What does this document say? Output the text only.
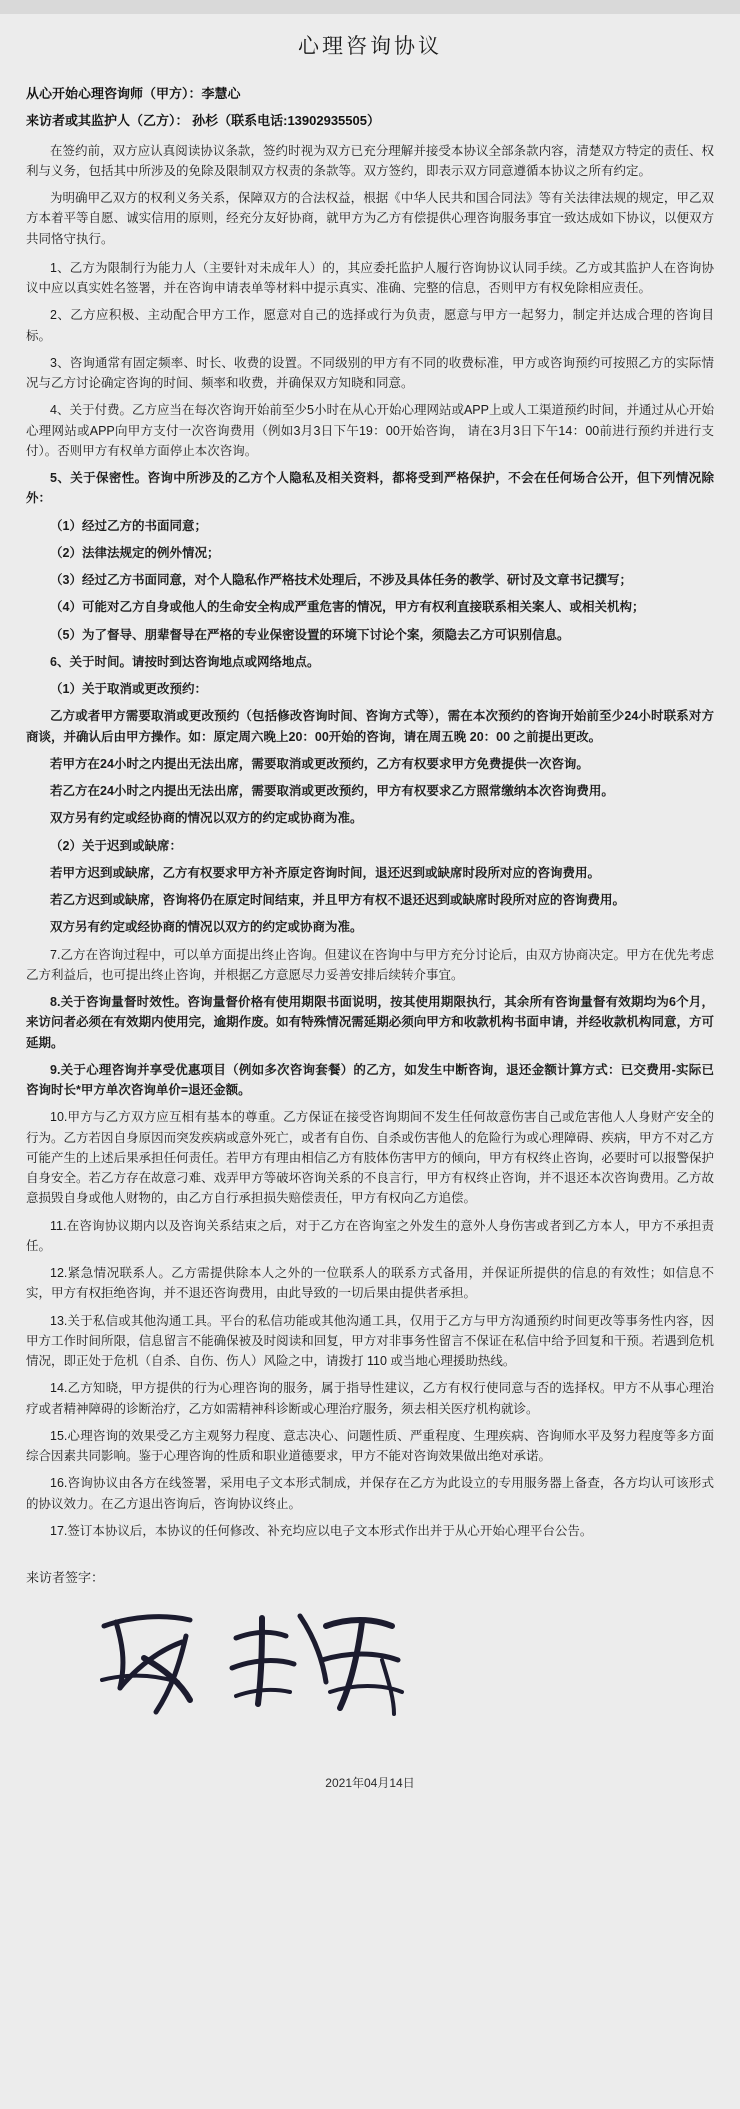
心理咨询协议
从心开始心理咨询师（甲方）：李慧心
来访者或其监护人（乙方）： 孙杉（联系电话:13902935505）

在签约前，双方应认真阅读协议条款，签约时视为双方已充分理解并接受本协议全部条款内容，清楚双方特定的责任、权利与义务，包括其中所涉及的免除及限制双方权责的条款等。双方签约，即表示双方同意遵循本协议之所有约定。

为明确甲乙双方的权利义务关系，保障双方的合法权益，根据《中华人民共和国合同法》等有关法律法规的规定，甲乙双方本着平等自愿、诚实信用的原则，经充分友好协商，就甲方为乙方有偿提供心理咨询服务事宜一致达成如下协议，以便双方共同恪守执行。

1、乙方为限制行为能力人（主要针对未成年人）的，其应委托监护人履行咨询协议认同手续。乙方或其监护人在咨询协议中应以真实姓名签署，并在咨询申请表单等材料中提示真实、准确、完整的信息，否则甲方有权免除相应责任。

2、乙方应积极、主动配合甲方工作，愿意对自己的选择或行为负责，愿意与甲方一起努力，制定并达成合理的咨询目标。

3、咨询通常有固定频率、时长、收费的设置。不同级别的甲方有不同的收费标准，甲方或咨询预约可按照乙方的实际情况与乙方讨论确定咨询的时间、频率和收费，并确保双方知晓和同意。

4、关于付费。乙方应当在每次咨询开始前至少5小时在从心开始心理网站或APP上或人工渠道预约时间，并通过从心开始心理网站或APP向甲方支付一次咨询费用（例如3月3日下午19：00开始咨询， 请在3月3日下午14：00前进行预约并进行支付）。否则甲方有权单方面停止本次咨询。

5、关于保密性。咨询中所涉及的乙方个人隐私及相关资料，都将受到严格保护，不会在任何场合公开，但下列情况除外：

（1）经过乙方的书面同意；

（2）法律法规定的例外情况；

（3）经过乙方书面同意，对个人隐私作严格技术处理后，不涉及具体任务的教学、研讨及文章书记撰写；

（4）可能对乙方自身或他人的生命安全构成严重危害的情况，甲方有权利直接联系相关案人、或相关机构；

（5）为了督导、朋辈督导在严格的专业保密设置的环境下讨论个案，须隐去乙方可识别信息。

6、关于时间。请按时到达咨询地点或网络地点。

（1）关于取消或更改预约：

乙方或者甲方需要取消或更改预约（包括修改咨询时间、咨询方式等），需在本次预约的咨询开始前至少24小时联系对方商谈，并确认后由甲方操作。如：原定周六晚上20：00开始的咨询，请在周五晚 20：00 之前提出更改。

若甲方在24小时之内提出无法出席，需要取消或更改预约，乙方有权要求甲方免费提供一次咨询。

若乙方在24小时之内提出无法出席，需要取消或更改预约，甲方有权要求乙方照常缴纳本次咨询费用。

双方另有约定或经协商的情况以双方的约定或协商为准。

（2）关于迟到或缺席：

若甲方迟到或缺席，乙方有权要求甲方补齐原定咨询时间，退还迟到或缺席时段所对应的咨询费用。

若乙方迟到或缺席，咨询将仍在原定时间结束，并且甲方有权不退还迟到或缺席时段所对应的咨询费用。

双方另有约定或经协商的情况以双方的约定或协商为准。

7.乙方在咨询过程中，可以单方面提出终止咨询。但建议在咨询中与甲方充分讨论后，由双方协商决定。甲方在优先考虑乙方利益后，也可提出终止咨询，并根据乙方意愿尽力妥善安排后续转介事宜。

8.关于咨询量督时效性。咨询量督价格有使用期限书面说明，按其使用期限执行，其余所有咨询量督有效期均为6个月，来访问者必须在有效期内使用完，逾期作废。如有特殊情况需延期必须向甲方和收款机构书面申请，并经收款机构同意，方可延期。

9.关于心理咨询并享受优惠项目（例如多次咨询套餐）的乙方，如发生中断咨询，退还金额计算方式：已交费用-实际已咨询时长*甲方单次咨询单价=退还金额。

10.甲方与乙方双方应互相有基本的尊重。乙方保证在接受咨询期间不发生任何故意伤害自己或危害他人人身财产安全的行为。乙方若因自身原因而突发疾病或意外死亡，或者有自伤、自杀或伤害他人的危险行为或心理障碍、疾病，甲方不对乙方可能产生的上述后果承担任何责任。若甲方有理由相信乙方有肢体伤害甲方的倾向，甲方有权终止咨询，必要时可以报警保护自身安全。若乙方存在故意刁难、戏弄甲方等破坏咨询关系的不良言行，甲方有权终止咨询，并不退还本次咨询费用。乙方故意损毁自身或他人财物的，由乙方自行承担损失赔偿责任，甲方有权向乙方追偿。

11.在咨询协议期内以及咨询关系结束之后，对于乙方在咨询室之外发生的意外人身伤害或者到乙方本人，甲方不承担责任。

12.紧急情况联系人。乙方需提供除本人之外的一位联系人的联系方式备用，并保证所提供的信息的有效性；如信息不实，甲方有权拒绝咨询，并不退还咨询费用，由此导致的一切后果由提供者承担。

13.关于私信或其他沟通工具。平台的私信功能或其他沟通工具，仅用于乙方与甲方沟通预约时间更改等事务性内容，因甲方工作时间所限，信息留言不能确保被及时阅读和回复，甲方对非事务性留言不保证在私信中给予回复和干预。若遇到危机情况，即正处于危机（自杀、自伤、伤人）风险之中，请拨打 110 或当地心理援助热线。

14.乙方知晓，甲方提供的行为心理咨询的服务，属于指导性建议，乙方有权行使同意与否的选择权。甲方不从事心理治疗或者精神障碍的诊断治疗，乙方如需精神科诊断或心理治疗服务，须去相关医疗机构就诊。

15.心理咨询的效果受乙方主观努力程度、意志决心、问题性质、严重程度、生理疾病、咨询师水平及努力程度等多方面综合因素共同影响。鉴于心理咨询的性质和职业道德要求，甲方不能对咨询效果做出绝对承诺。

16.咨询协议由各方在线签署，采用电子文本形式制成，并保存在乙方为此设立的专用服务器上备查，各方均认可该形式的协议效力。在乙方退出咨询后，咨询协议终止。

17.签订本协议后，本协议的任何修改、补充均应以电子文本形式作出并于从心开始心理平台公告。

来访者签字：
2021年04月14日
